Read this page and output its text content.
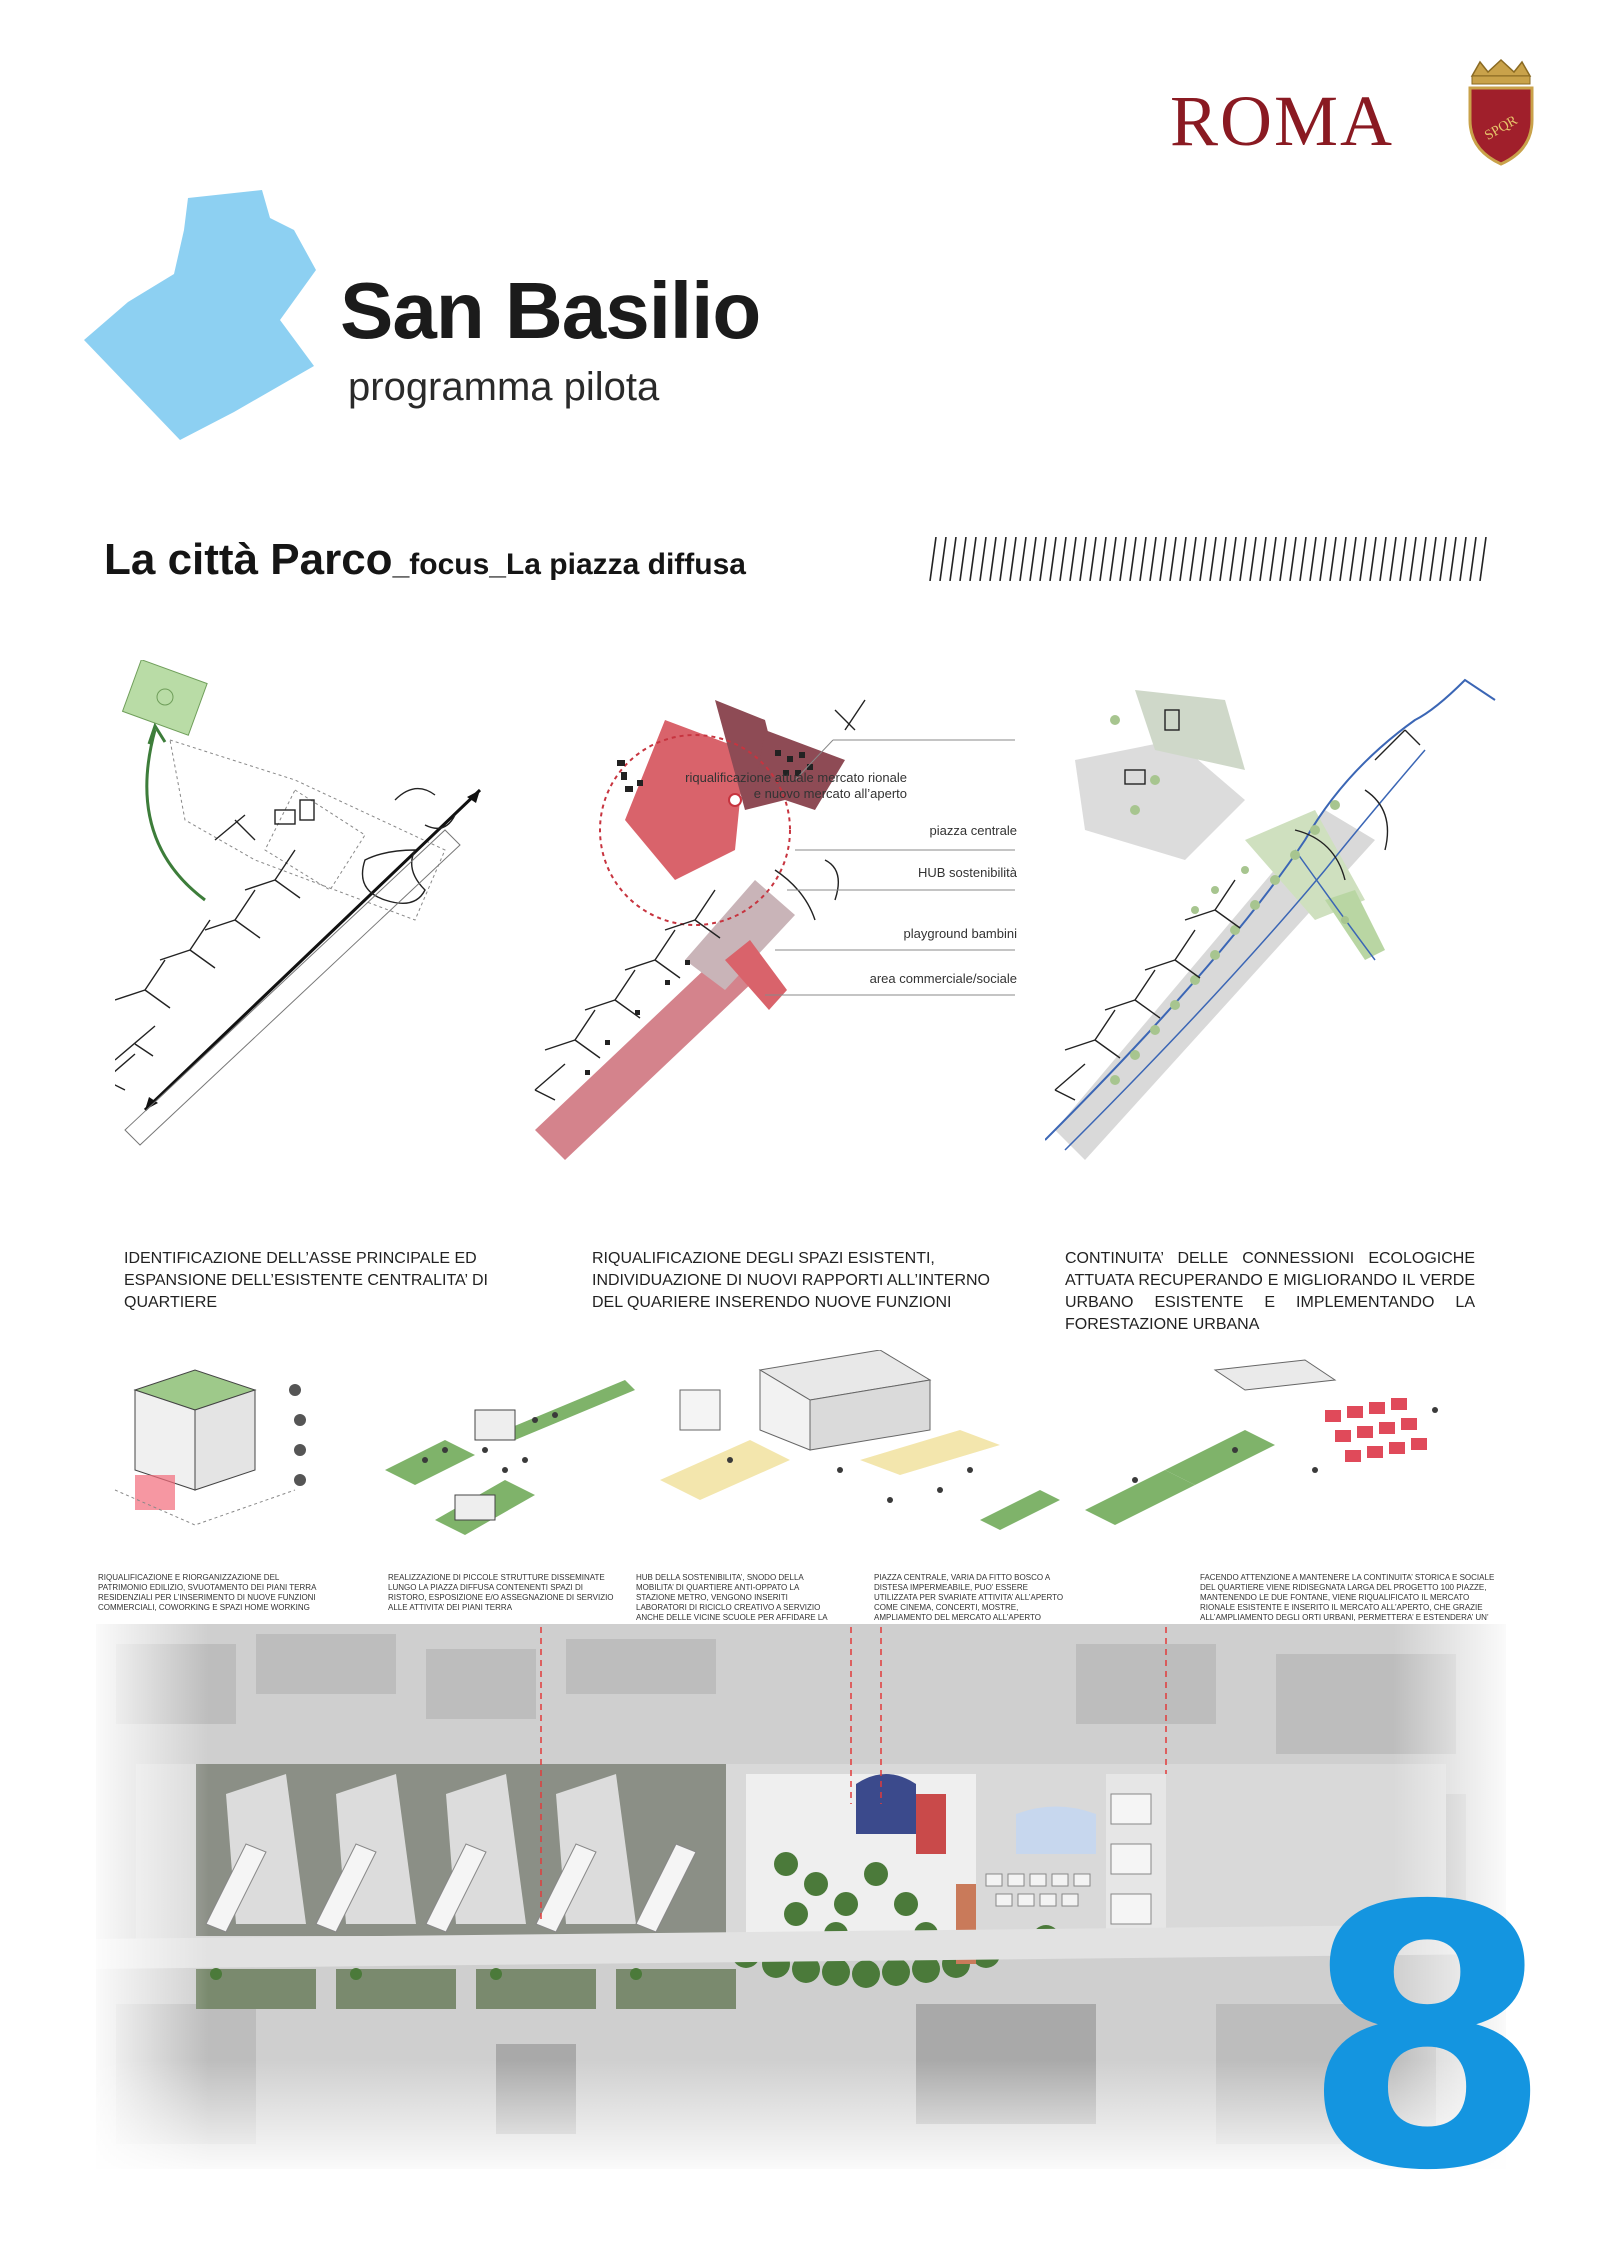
ROMA	SPQR
San Basilio
programma pilota
La città Parco_focus_La piazza diffusa
riqualificazione attuale mercato rionale
e nuovo mercato all’aperto
piazza centrale
HUB sostenibilità
playground bambini
area commerciale/sociale
IDENTIFICAZIONE DELL’ASSE PRINCIPALE ED ESPANSIONE DELL’ESISTENTE CENTRALITA’ DI QUARTIERE
RIQUALIFICAZIONE DEGLI SPAZI ESISTENTI, INDIVIDUAZIONE DI NUOVI RAPPORTI ALL’INTERNO DEL QUARIERE INSERENDO NUOVE FUNZIONI
CONTINUITA’ DELLE CONNESSIONI ECOLOGICHE ATTUATA RECUPERANDO E MIGLIORANDO IL VERDE URBANO ESISTENTE E IMPLEMENTANDO LA FORESTAZIONE URBANA
RIQUALIFICAZIONE E RIORGANIZZAZIONE DEL PATRIMONIO EDILIZIO, SVUOTAMENTO DEI PIANI TERRA RESIDENZIALI PER L’INSERIMENTO DI NUOVE FUNZIONI COMMERCIALI, COWORKING E SPAZI HOME WORKING
REALIZZAZIONE DI PICCOLE STRUTTURE DISSEMINATE LUNGO LA PIAZZA DIFFUSA CONTENENTI SPAZI DI RISTORO, ESPOSIZIONE E/O ASSEGNAZIONE DI SERVIZIO ALLE ATTIVITA’ DEI PIANI TERRA
HUB DELLA SOSTENIBILITA’, SNODO DELLA MOBILITA’ DI QUARTIERE ANTI-OPPATO LA STAZIONE METRO, VENGONO INSERITI LABORATORI DI RICICLO CREATIVO A SERVIZIO ANCHE DELLE VICINE SCUOLE PER AFFIDARE LA
PIAZZA CENTRALE, VARIA DA FITTO BOSCO A DISTESA IMPERMEABILE, PUO’ ESSERE UTILIZZATA PER SVARIATE ATTIVITA’ ALL’APERTO COME CINEMA, CONCERTI, MOSTRE, AMPLIAMENTO DEL MERCATO ALL’APERTO
FACENDO ATTENZIONE A MANTENERE LA CONTINUITA’ STORICA E SOCIALE DEL QUARTIERE VIENE RIDISEGNATA LARGA DEL PROGETTO 100 PIAZZE, MANTENENDO LE DUE FONTANE, VIENE RIQUALIFICATO IL MERCATO RIONALE ESISTENTE E INSERITO IL MERCATO ALL’APERTO, CHE GRAZIE ALL’AMPLIAMENTO DEGLI ORTI URBANI, PERMETTERA’ E ESTENDERA’ UN’
8
